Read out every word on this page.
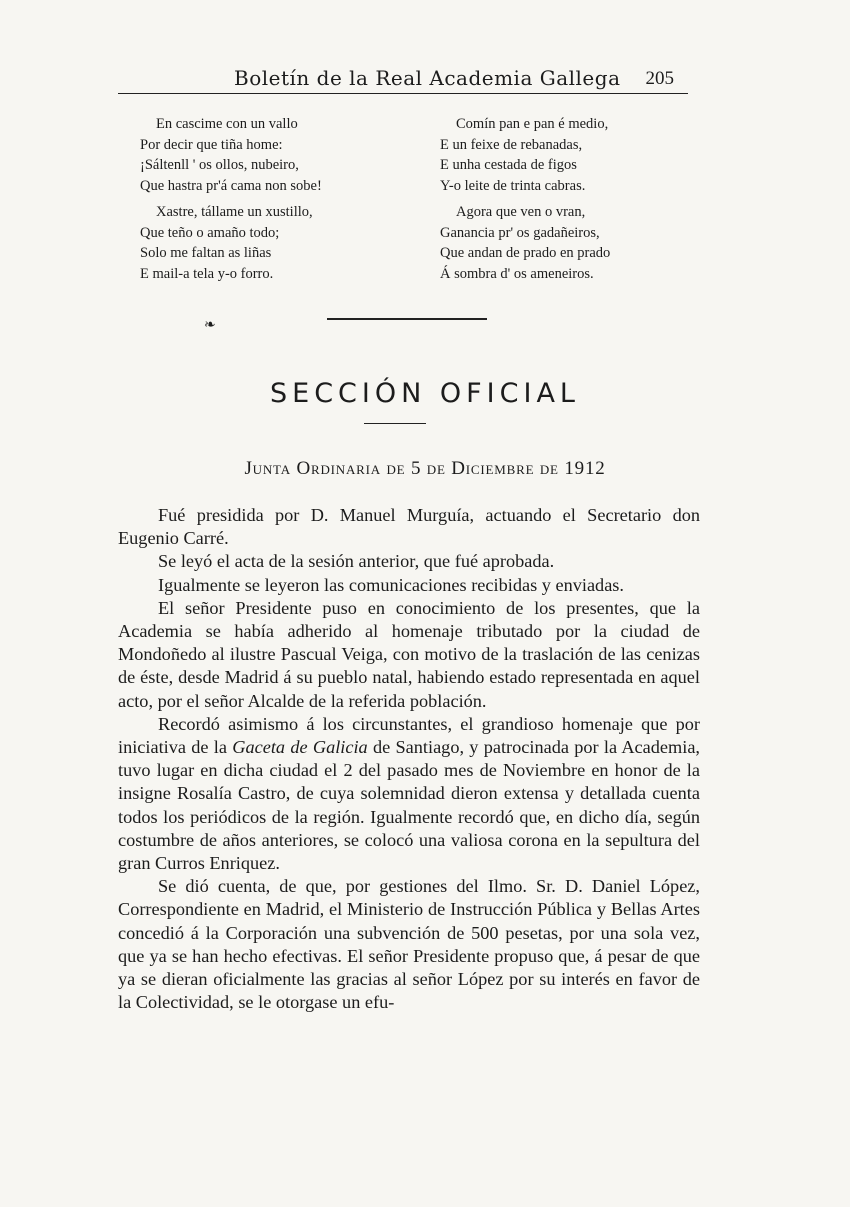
Boletín de la Real Academia Gallega 205
En cascime con un vallo
Por decir que tiña home:
¡Sáltenll ' os ollos, nubeiro,
Que hastra pr'á cama non sobe!
Xastre, tállame un xustillo,
Que teño o amaño todo;
Solo me faltan as liñas
E mail-a tela y-o forro.
Comín pan e pan é medio,
E un feixe de rebanadas,
E unha cestada de figos
Y-o leite de trinta cabras.
Agora que ven o vran,
Ganancia pr' os gadañeiros,
Que andan de prado en prado
Á sombra d' os ameneiros.
❧
SECCIÓN OFICIAL
Junta Ordinaria de 5 de Diciembre de 1912

Fué presidida por D. Manuel Murguía, actuando el Secretario don Eugenio Carré.

Se leyó el acta de la sesión anterior, que fué aprobada.

Igualmente se leyeron las comunicaciones recibidas y enviadas.

El señor Presidente puso en conocimiento de los presentes, que la Academia se había adherido al homenaje tributado por la ciudad de Mondoñedo al ilustre Pascual Veiga, con motivo de la traslación de las cenizas de éste, desde Madrid á su pueblo natal, habiendo estado representada en aquel acto, por el señor Alcalde de la referida población.

Recordó asimismo á los circunstantes, el grandioso homenaje que por iniciativa de la Gaceta de Galicia de Santiago, y patrocinada por la Academia, tuvo lugar en dicha ciudad el 2 del pasado mes de Noviembre en honor de la insigne Rosalía Castro, de cuya solemnidad dieron extensa y detallada cuenta todos los periódicos de la región. Igualmente recordó que, en dicho día, según costumbre de años anteriores, se colocó una valiosa corona en la sepultura del gran Curros Enriquez.

Se dió cuenta, de que, por gestiones del Ilmo. Sr. D. Daniel López, Correspondiente en Madrid, el Ministerio de Instrucción Pública y Bellas Artes concedió á la Corporación una subvención de 500 pesetas, por una sola vez, que ya se han hecho efectivas. El señor Presidente propuso que, á pesar de que ya se dieran oficialmente las gracias al señor López por su interés en favor de la Colectividad, se le otorgase un efu-
